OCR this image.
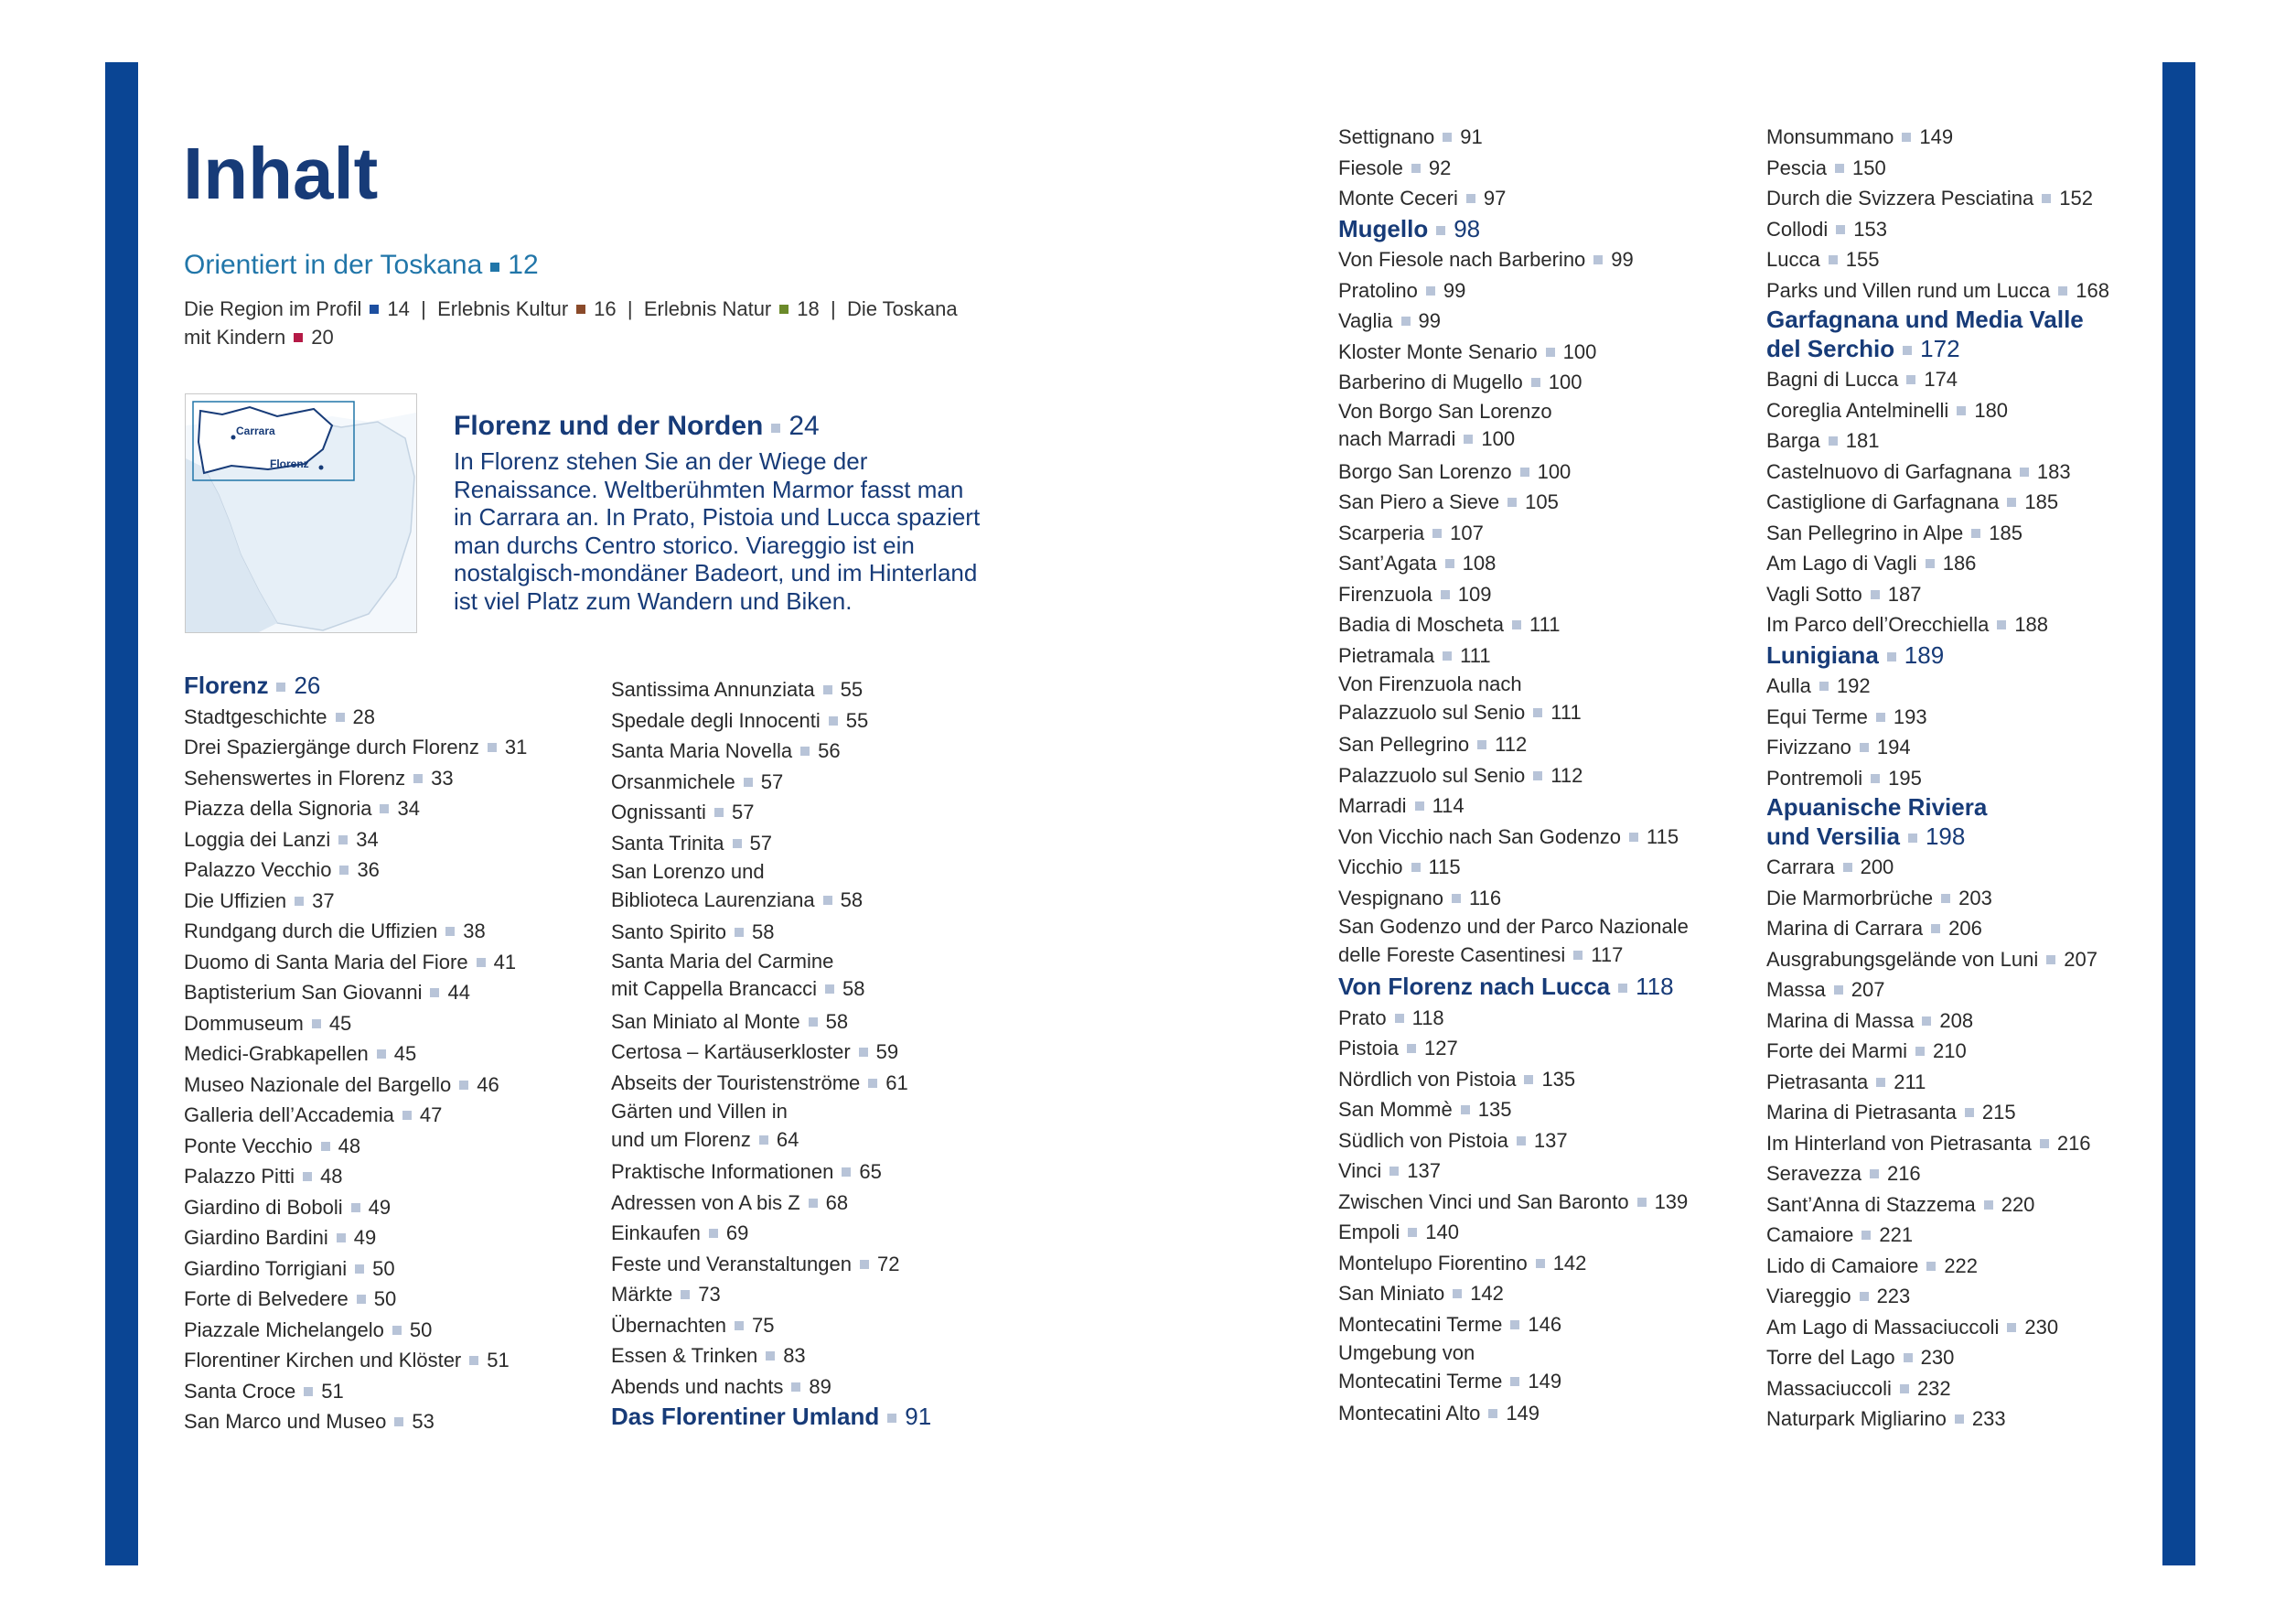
Inhalt
Orientiert in der Toskana 12
Die Region im Profil 14  |  Erlebnis Kultur 16  |  Erlebnis Natur 18  |  Die Toskana
mit Kindern 20
Carrara
Florenz
Florenz und der Norden 24

In Florenz stehen Sie an der Wiege der Renaissance. Weltberühmten Marmor fasst man in Carrara an. In Prato, Pistoia und Lucca spaziert man durchs Centro storico. Viareggio ist ein nostalgisch-mondäner Badeort, und im Hinterland ist viel Platz zum Wandern und Biken.

Florenz 26
Stadtgeschichte 28
Drei Spaziergänge durch Florenz 31
Sehenswertes in Florenz 33
Piazza della Signoria 34
Loggia dei Lanzi 34
Palazzo Vecchio 36
Die Uffizien 37
Rundgang durch die Uffizien 38
Duomo di Santa Maria del Fiore 41
Baptisterium San Giovanni 44
Dommuseum 45
Medici-Grabkapellen 45
Museo Nazionale del Bargello 46
Galleria dell’Accademia 47
Ponte Vecchio 48
Palazzo Pitti 48
Giardino di Boboli 49
Giardino Bardini 49
Giardino Torrigiani 50
Forte di Belvedere 50
Piazzale Michelangelo 50
Florentiner Kirchen und Klöster 51
Santa Croce 51
San Marco und Museo 53
Santissima Annunziata 55
Spedale degli Innocenti 55
Santa Maria Novella 56
Orsanmichele 57
Ognissanti 57
Santa Trinita 57
San Lorenzo und
Biblioteca Laurenziana 58
Santo Spirito 58
Santa Maria del Carmine
mit Cappella Brancacci 58
San Miniato al Monte 58
Certosa – Kartäuserkloster 59
Abseits der Touristenströme 61
Gärten und Villen in
und um Florenz 64
Praktische Informationen 65
Adressen von A bis Z 68
Einkaufen 69
Feste und Veranstaltungen 72
Märkte 73
Übernachten 75
Essen & Trinken 83
Abends und nachts 89
Das Florentiner Umland 91
Settignano 91
Fiesole 92
Monte Ceceri 97
Mugello 98
Von Fiesole nach Barberino 99
Pratolino 99
Vaglia 99
Kloster Monte Senario 100
Barberino di Mugello 100
Von Borgo San Lorenzo
nach Marradi 100
Borgo San Lorenzo 100
San Piero a Sieve 105
Scarperia 107
Sant’Agata 108
Firenzuola 109
Badia di Moscheta 111
Pietramala 111
Von Firenzuola nach
Palazzuolo sul Senio 111
San Pellegrino 112
Palazzuolo sul Senio 112
Marradi 114
Von Vicchio nach San Godenzo 115
Vicchio 115
Vespignano 116
San Godenzo und der Parco Nazionale
delle Foreste Casentinesi 117
Von Florenz nach Lucca 118
Prato 118
Pistoia 127
Nördlich von Pistoia 135
San Mommè 135
Südlich von Pistoia 137
Vinci 137
Zwischen Vinci und San Baronto 139
Empoli 140
Montelupo Fiorentino 142
San Miniato 142
Montecatini Terme 146
Umgebung von
Montecatini Terme 149
Montecatini Alto 149
Monsummano 149
Pescia 150
Durch die Svizzera Pesciatina 152
Collodi 153
Lucca 155
Parks und Villen rund um Lucca 168
Garfagnana und Media Valle
del Serchio 172
Bagni di Lucca 174
Coreglia Antelminelli 180
Barga 181
Castelnuovo di Garfagnana 183
Castiglione di Garfagnana 185
San Pellegrino in Alpe 185
Am Lago di Vagli 186
Vagli Sotto 187
Im Parco dell’Orecchiella 188
Lunigiana 189
Aulla 192
Equi Terme 193
Fivizzano 194
Pontremoli 195
Apuanische Riviera
und Versilia 198
Carrara 200
Die Marmorbrüche 203
Marina di Carrara 206
Ausgrabungsgelände von Luni 207
Massa 207
Marina di Massa 208
Forte dei Marmi 210
Pietrasanta 211
Marina di Pietrasanta 215
Im Hinterland von Pietrasanta 216
Seravezza 216
Sant’Anna di Stazzema 220
Camaiore 221
Lido di Camaiore 222
Viareggio 223
Am Lago di Massaciuccoli 230
Torre del Lago 230
Massaciuccoli 232
Naturpark Migliarino 233
